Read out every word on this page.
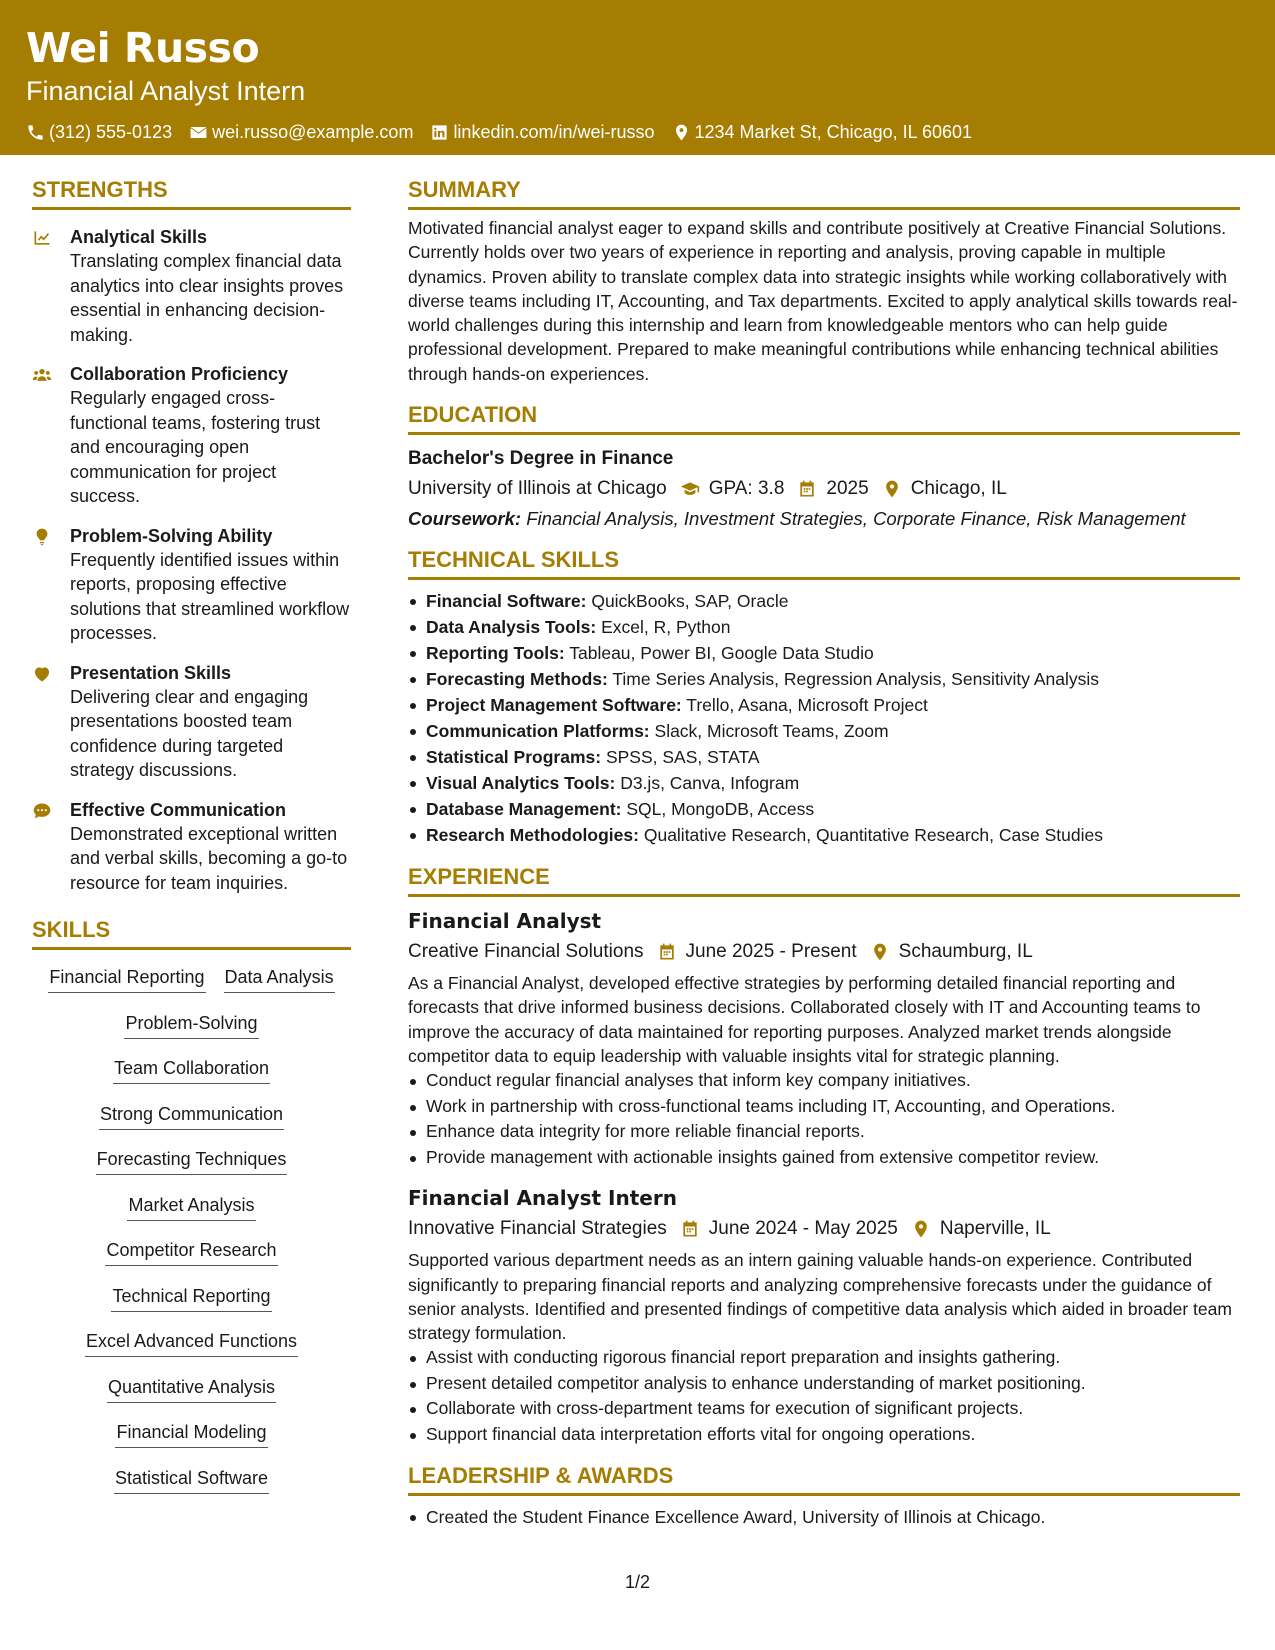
Wei Russo
Financial Analyst Intern
(312) 555-0123 wei.russo@example.com linkedin.com/in/wei-russo 1234 Market St, Chicago, IL 60601
STRENGTHS
Analytical Skills
Translating complex financial data analytics into clear insights proves essential in enhancing decision-making.
Collaboration Proficiency
Regularly engaged cross-functional teams, fostering trust and encouraging open communication for project success.
Problem-Solving Ability
Frequently identified issues within reports, proposing effective solutions that streamlined workflow processes.
Presentation Skills
Delivering clear and engaging presentations boosted team confidence during targeted strategy discussions.
Effective Communication
Demonstrated exceptional written and verbal skills, becoming a go-to resource for team inquiries.
SKILLS
Financial Reporting Data Analysis
Problem-Solving
Team Collaboration
Strong Communication
Forecasting Techniques
Market Analysis
Competitor Research
Technical Reporting
Excel Advanced Functions
Quantitative Analysis
Financial Modeling
Statistical Software
SUMMARY
Motivated financial analyst eager to expand skills and contribute positively at Creative Financial Solutions. Currently holds over two years of experience in reporting and analysis, proving capable in multiple dynamics. Proven ability to translate complex data into strategic insights while working collaboratively with diverse teams including IT, Accounting, and Tax departments. Excited to apply analytical skills towards real-world challenges during this internship and learn from knowledgeable mentors who can help guide professional development. Prepared to make meaningful contributions while enhancing technical abilities through hands-on experiences.
EDUCATION
Bachelor's Degree in Finance
University of Illinois at Chicago GPA: 3.8 2025 Chicago, IL
Coursework: Financial Analysis, Investment Strategies, Corporate Finance, Risk Management
TECHNICAL SKILLS
Financial Software: QuickBooks, SAP, Oracle
Data Analysis Tools: Excel, R, Python
Reporting Tools: Tableau, Power BI, Google Data Studio
Forecasting Methods: Time Series Analysis, Regression Analysis, Sensitivity Analysis
Project Management Software: Trello, Asana, Microsoft Project
Communication Platforms: Slack, Microsoft Teams, Zoom
Statistical Programs: SPSS, SAS, STATA
Visual Analytics Tools: D3.js, Canva, Infogram
Database Management: SQL, MongoDB, Access
Research Methodologies: Qualitative Research, Quantitative Research, Case Studies
EXPERIENCE
Financial Analyst
Creative Financial Solutions June 2025 - Present Schaumburg, IL
As a Financial Analyst, developed effective strategies by performing detailed financial reporting and forecasts that drive informed business decisions. Collaborated closely with IT and Accounting teams to improve the accuracy of data maintained for reporting purposes. Analyzed market trends alongside competitor data to equip leadership with valuable insights vital for strategic planning.
Conduct regular financial analyses that inform key company initiatives.
Work in partnership with cross-functional teams including IT, Accounting, and Operations.
Enhance data integrity for more reliable financial reports.
Provide management with actionable insights gained from extensive competitor review.
Financial Analyst Intern
Innovative Financial Strategies June 2024 - May 2025 Naperville, IL
Supported various department needs as an intern gaining valuable hands-on experience. Contributed significantly to preparing financial reports and analyzing comprehensive forecasts under the guidance of senior analysts. Identified and presented findings of competitive data analysis which aided in broader team strategy formulation.
Assist with conducting rigorous financial report preparation and insights gathering.
Present detailed competitor analysis to enhance understanding of market positioning.
Collaborate with cross-department teams for execution of significant projects.
Support financial data interpretation efforts vital for ongoing operations.
LEADERSHIP & AWARDS
Created the Student Finance Excellence Award, University of Illinois at Chicago.
1/2
